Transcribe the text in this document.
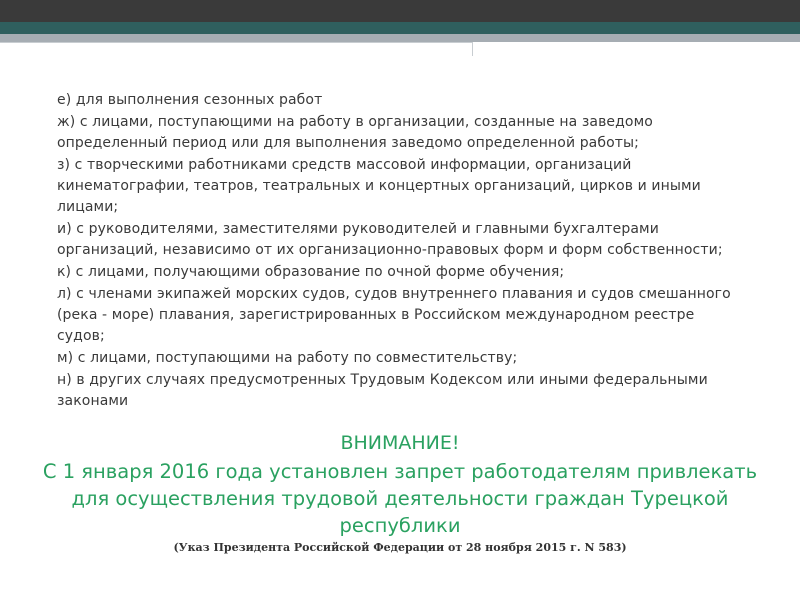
е) для выполнения сезонных работ
ж) с лицами, поступающими на работу в организации, созданные на заведомо определенный период или для выполнения заведомо определенной работы;
з) с творческими работниками средств массовой информации, организаций кинематографии, театров, театральных и концертных организаций, цирков и иными лицами;
и) с руководителями, заместителями руководителей и главными бухгалтерами организаций, независимо от их организационно-правовых форм и форм собственности;
к) с лицами, получающими образование по очной форме обучения;
л) с членами экипажей морских судов, судов внутреннего плавания и судов смешанного (река - море) плавания, зарегистрированных в Российском международном реестре судов;
м) с лицами, поступающими на работу по совместительству;
н) в других случаях предусмотренных Трудовым Кодексом или иными федеральными законами
ВНИМАНИЕ!
С 1 января 2016 года установлен запрет работодателям привлекать для осуществления трудовой деятельности граждан Турецкой республики
(Указ Президента Российской Федерации от 28 ноября 2015 г. N 583)
